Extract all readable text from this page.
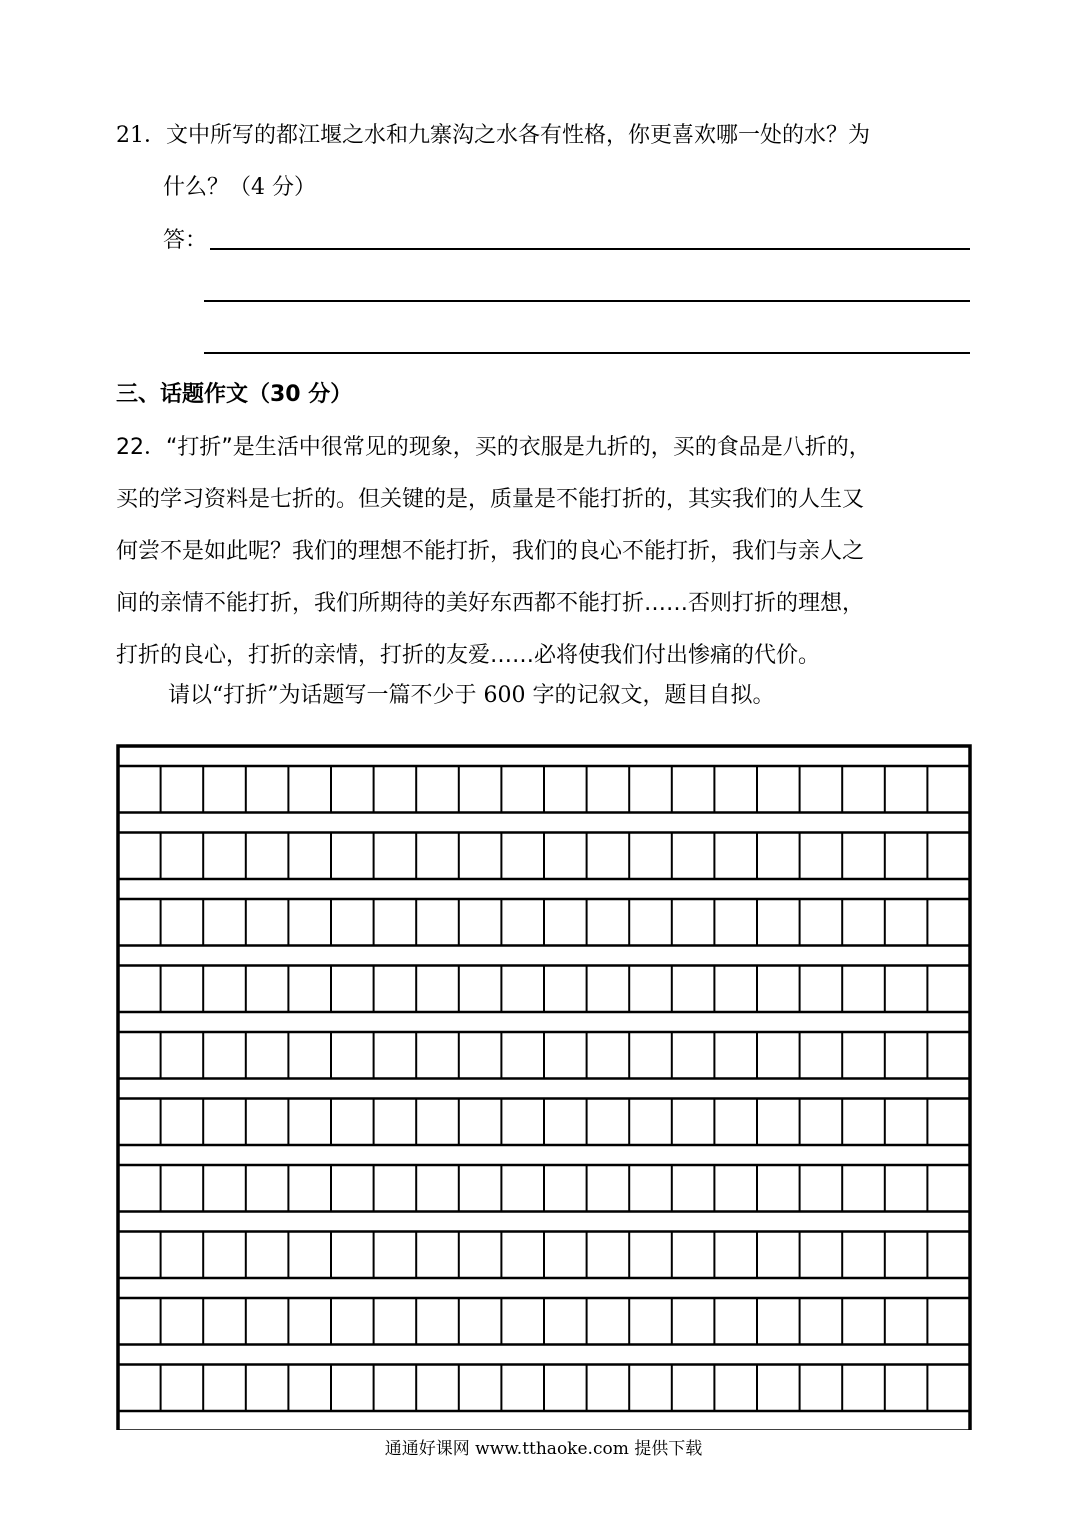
21．文中所写的都江堰之水和九寨沟之水各有性格，你更喜欢哪一处的水？为
什么？（4 分）
答：
三、话题作文（30 分）
22．“打折”是生活中很常见的现象，买的衣服是九折的，买的食品是八折的，
买的学习资料是七折的。但关键的是，质量是不能打折的，其实我们的人生又
何尝不是如此呢？我们的理想不能打折，我们的良心不能打折，我们与亲人之
间的亲情不能打折，我们所期待的美好东西都不能打折……否则打折的理想，
打折的良心，打折的亲情，打折的友爱……必将使我们付出惨痛的代价。
请以“打折”为话题写一篇不少于 600 字的记叙文，题目自拟。
通通好课网 www.tthaoke.com 提供下载
